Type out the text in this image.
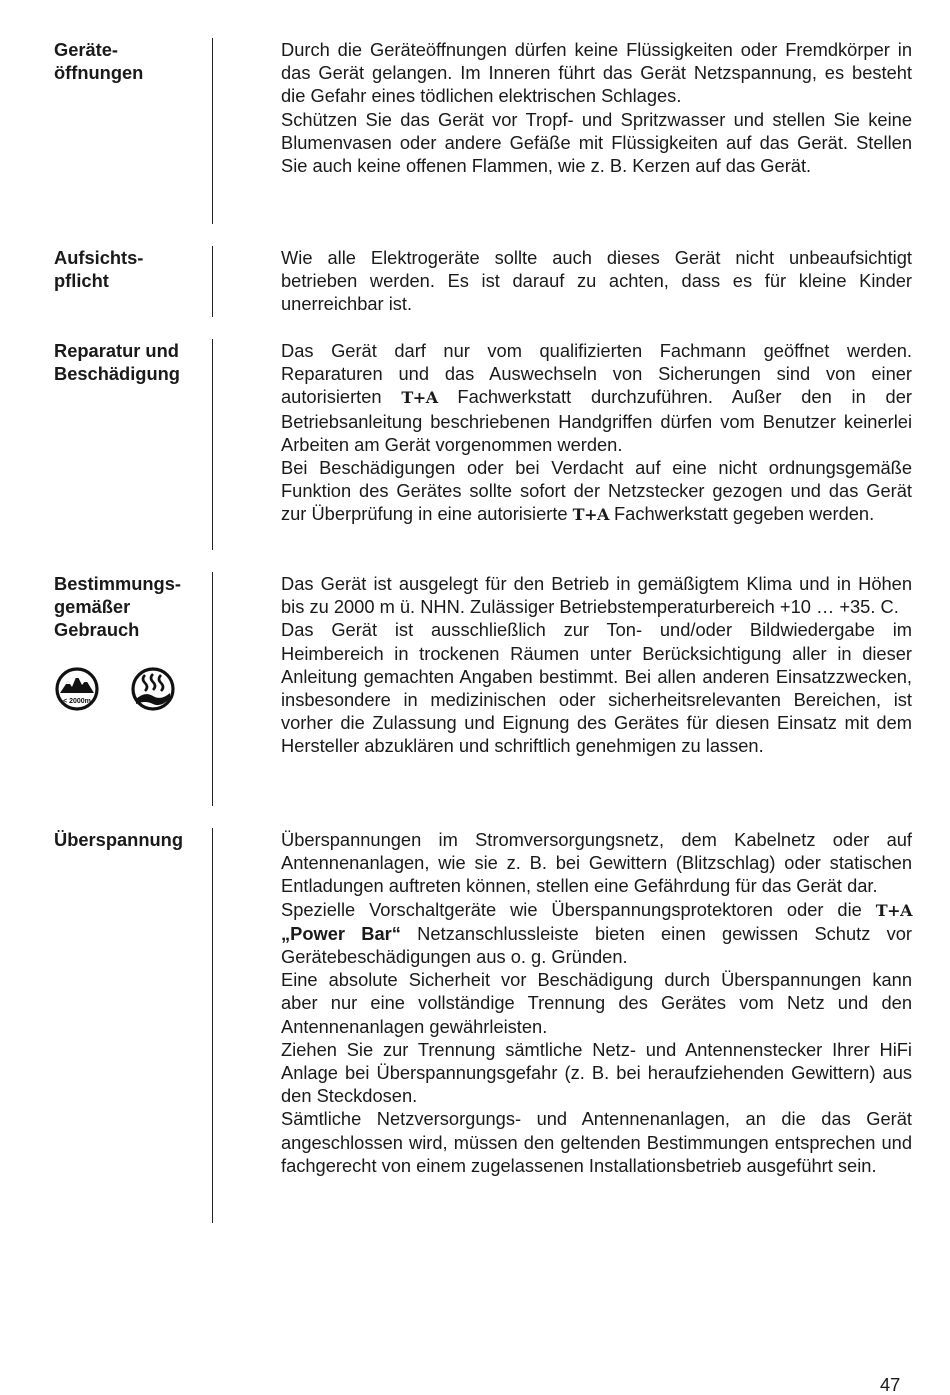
Geräte-
öffnungen

Durch die Geräteöffnungen dürfen keine Flüssigkeiten oder Fremdkörper in das Gerät gelangen. Im Inneren führt das Gerät Netzspannung, es besteht die Gefahr eines tödlichen elektrischen Schlages.

Schützen Sie das Gerät vor Tropf- und Spritzwasser und stellen Sie keine Blumenvasen oder andere Gefäße mit Flüssigkeiten auf das Gerät. Stellen Sie auch keine offenen Flammen, wie z. B. Kerzen auf das Gerät.

Aufsichts-
pflicht

Wie alle Elektrogeräte sollte auch dieses Gerät nicht unbeaufsichtigt betrieben werden. Es ist darauf zu achten, dass es für kleine Kinder unerreichbar ist.

Reparatur und
Beschädigung

Das Gerät darf nur vom qualifizierten Fachmann geöffnet werden. Reparaturen und das Auswechseln von Sicherungen sind von einer autorisierten T+A Fachwerkstatt durchzuführen. Außer den in der Betriebsanleitung beschriebenen Handgriffen dürfen vom Benutzer keinerlei Arbeiten am Gerät vorgenommen werden.

Bei Beschädigungen oder bei Verdacht auf eine nicht ordnungsgemäße Funktion des Gerätes sollte sofort der Netzstecker gezogen und das Gerät zur Überprüfung in eine autorisierte T+A Fachwerkstatt gegeben werden.

Bestimmungs-
gemäßer
Gebrauch
< 2000m

Das Gerät ist ausgelegt für den Betrieb in gemäßigtem Klima und in Höhen bis zu 2000 m ü. NHN. Zulässiger Betriebstemperaturbereich +10 … +35. C.

Das Gerät ist ausschließlich zur Ton- und/oder Bildwiedergabe im Heimbereich in trockenen Räumen unter Berücksichtigung aller in dieser Anleitung gemachten Angaben bestimmt. Bei allen anderen Einsatzzwecken, insbesondere in medizinischen oder sicherheitsrelevanten Bereichen, ist vorher die Zulassung und Eignung des Gerätes für diesen Einsatz mit dem Hersteller abzuklären und schriftlich genehmigen zu lassen.

Überspannung	Überspannungen im Stromversorgungsnetz, dem Kabelnetz oder auf Antennenanlagen, wie sie z. B. bei Gewittern (Blitzschlag) oder statischen Entladungen auftreten können, stellen eine Gefährdung für das Gerät dar.

Spezielle Vorschaltgeräte wie Überspannungsprotektoren oder die T+A „Power Bar“ Netzanschlussleiste bieten einen gewissen Schutz vor Gerätebeschädigungen aus o. g. Gründen.

Eine absolute Sicherheit vor Beschädigung durch Überspannungen kann aber nur eine vollständige Trennung des Gerätes vom Netz und den Antennenanlagen gewährleisten.

Ziehen Sie zur Trennung sämtliche Netz- und Antennenstecker Ihrer HiFi Anlage bei Überspannungsgefahr (z. B. bei heraufziehenden Gewittern) aus den Steckdosen.

Sämtliche Netzversorgungs- und Antennenanlagen, an die das Gerät angeschlossen wird, müssen den geltenden Bestimmungen entsprechen und fachgerecht von einem zugelassenen Installationsbetrieb ausgeführt sein.

47
